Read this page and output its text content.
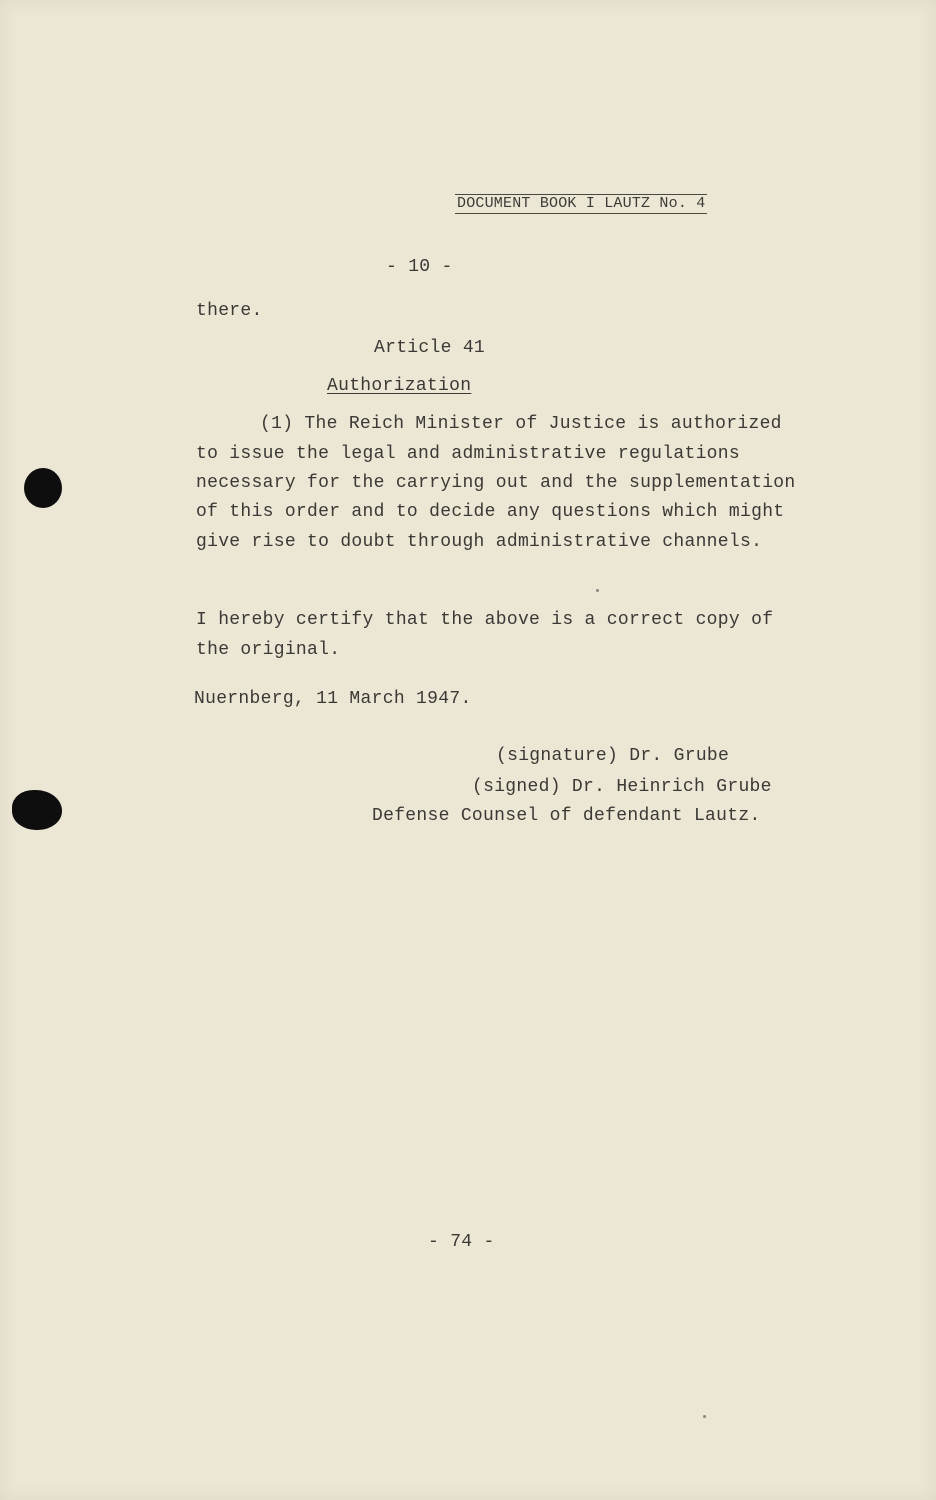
DOCUMENT BOOK I LAUTZ No. 4
- 10 -
there.
Article 41
Authorization
(1) The Reich Minister of Justice is authorized
to issue the legal and administrative regulations
necessary for the carrying out and the supplementation
of this order and to decide any questions which might
give rise to doubt through administrative channels.
I hereby certify that the above is a correct copy of
the original.
Nuernberg, 11 March 1947.
(signature) Dr. Grube
(signed) Dr. Heinrich Grube
Defense Counsel of defendant Lautz.
- 74 -
